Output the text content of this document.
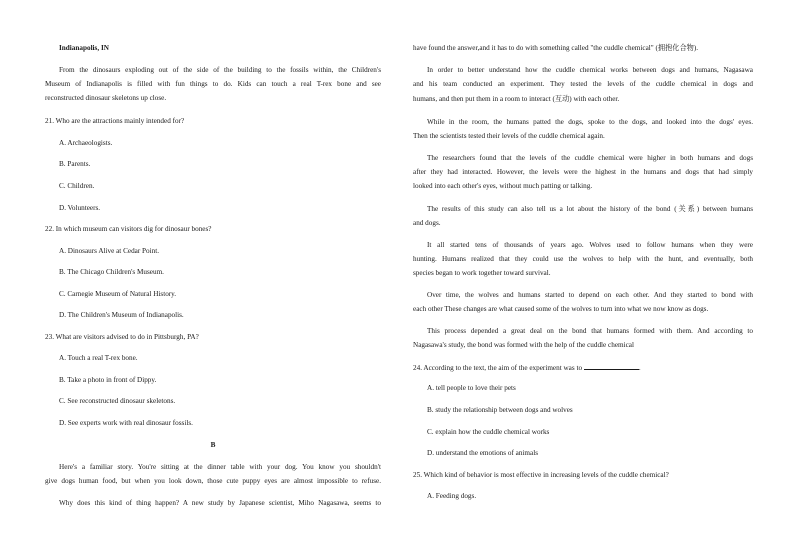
Indianapolis, IN
From the dinosaurs exploding out of the side of the building to the fossils within, the Children's
Museum of Indianapolis is filled with fun things to do. Kids can touch a real T-rex bone and see
reconstructed dinosaur skeletons up close.
21. Who are the attractions mainly intended for?
A. Archaeologists.
B. Parents.
C. Children.
D. Volunteers.
22. In which museum can visitors dig for dinosaur bones?
A. Dinosaurs Alive at Cedar Point.
B. The Chicago Children's Museum.
C. Carnegie Museum of Natural History.
D. The Children's Museum of Indianapolis.
23. What are visitors advised to do in Pittsburgh, PA?
A. Touch a real T-rex bone.
B. Take a photo in front of Dippy.
C. See reconstructed dinosaur skeletons.
D. See experts work with real dinosaur fossils.
B
Here's a familiar story. You're sitting at the dinner table with your dog. You know you shouldn't
give dogs human food, but when you look down, those cute puppy eyes are almost impossible to refuse.
Why does this kind of thing happen? A new study by Japanese scientist, Miho Nagasawa, seems to
have found the answer,and it has to do with something called "the cuddle chemical" (拥抱化合物).
In order to better understand how the cuddle chemical works between dogs and humans, Nagasawa
and his team conducted an experiment. They tested the levels of the cuddle chemical in dogs and
humans, and then put them in a room to interact (互动) with each other.
While in the room, the humans patted the dogs, spoke to the dogs, and looked into the dogs' eyes.
Then the scientists tested their levels of the cuddle chemical again.
The researchers found that the levels of the cuddle chemical were higher in both humans and dogs
after they had interacted. However, the levels were the highest in the humans and dogs that had simply
looked into each other's eyes, without much patting or talking.
The results of this study can also tell us a lot about the history of the bond (关系) between humans
and dogs.
It all started tens of thousands of years ago. Wolves used to follow humans when they were
hunting. Humans realized that they could use the wolves to help with the hunt, and eventually, both
species began to work together toward survival.
Over time, the wolves and humans started to depend on each other. And they started to bond with
each other These changes are what caused some of the wolves to turn into what we now know as dogs.
This process depended a great deal on the bond that humans formed with them. And according to
Nagasawa's study, the bond was formed with the help of the cuddle chemical
24. According to the text, the aim of the experiment was to	.
A. tell people to love their pets
B. study the relationship between dogs and wolves
C. explain how the cuddle chemical works
D. understand the emotions of animals
25. Which kind of behavior is most effective in increasing levels of the cuddle chemical?
A. Feeding dogs.
